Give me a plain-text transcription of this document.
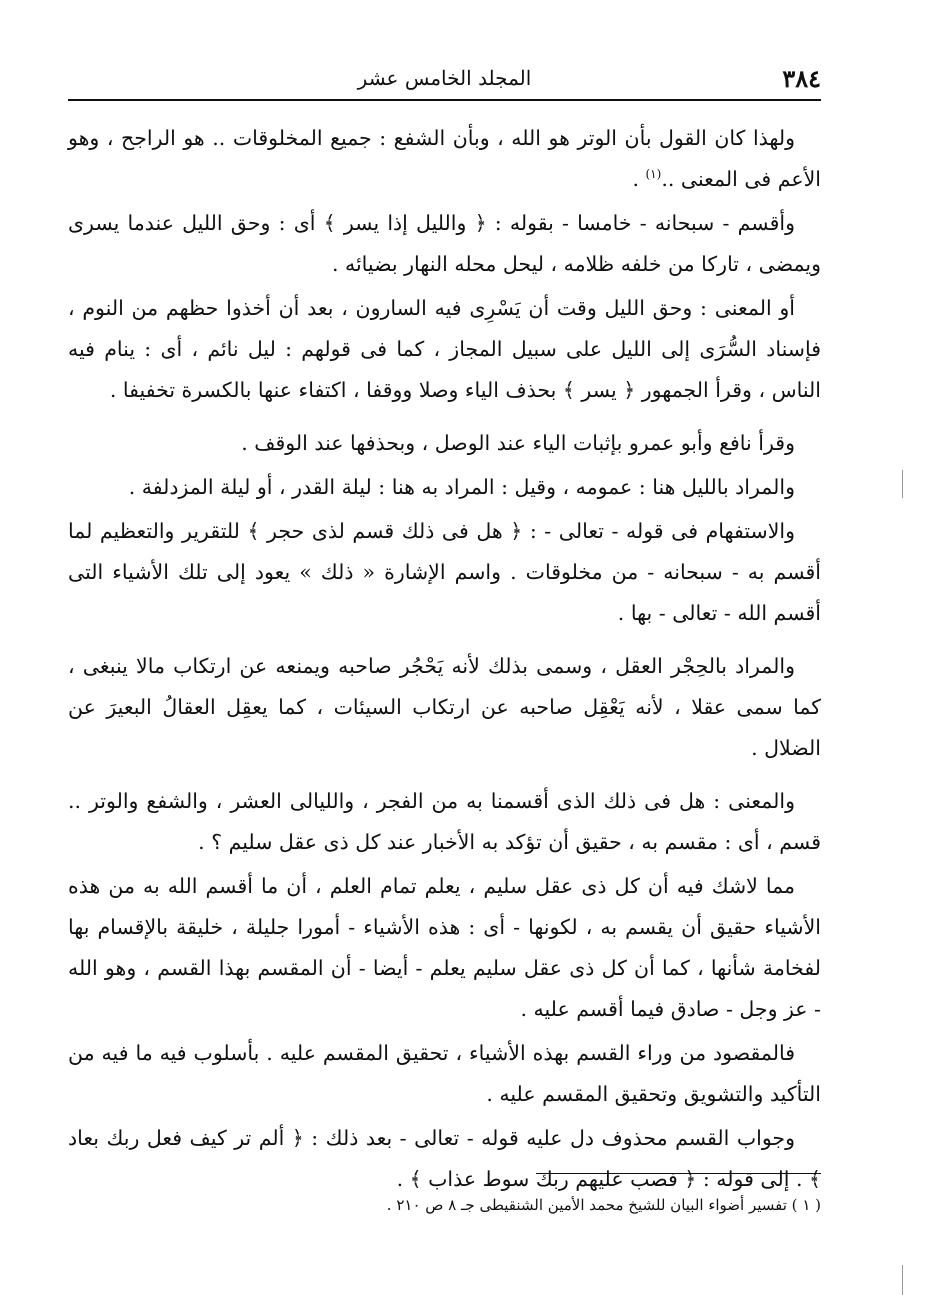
٣٨٤
المجلد الخامس عشر

ولهذا كان القول بأن الوتر هو الله ، وبأن الشفع : جميع المخلوقات .. هو الراجح ، وهو الأعم فى المعنى ..$^{(١)}$ .

وأقسم - سبحانه - خامسا - بقوله : ﴿ والليل إذا يسر ﴾ أى : وحق الليل عندما يسرى ويمضى ، تاركا من خلفه ظلامه ، ليحل محله النهار بضيائه .

أو المعنى : وحق الليل وقت أن يَسْرِى فيه السارون ، بعد أن أخذوا حظهم من النوم ، فإسناد السُّرَى إلى الليل على سبيل المجاز ، كما فى قولهم : ليل نائم ، أى : ينام فيه الناس ، وقرأ الجمهور ﴿ يسر ﴾ بحذف الياء وصلا ووقفا ، اكتفاء عنها بالكسرة تخفيفا .

وقرأ نافع وأبو عمرو بإثبات الياء عند الوصل ، وبحذفها عند الوقف .

والمراد بالليل هنا : عمومه ، وقيل : المراد به هنا : ليلة القدر ، أو ليلة المزدلفة .

والاستفهام فى قوله - تعالى - : ﴿ هل فى ذلك قسم لذى حجر ﴾ للتقرير والتعظيم لما أقسم به - سبحانه - من مخلوقات . واسم الإشارة « ذلك » يعود إلى تلك الأشياء التى أقسم الله - تعالى - بها .

والمراد بالحِجْر العقل ، وسمى بذلك لأنه يَحْجُر صاحبه ويمنعه عن ارتكاب مالا ينبغى ، كما سمى عقلا ، لأنه يَعْقِل صاحبه عن ارتكاب السيئات ، كما يعقِل العقالُ البعيرَ عن الضلال .

والمعنى : هل فى ذلك الذى أقسمنا به من الفجر ، والليالى العشر ، والشفع والوتر .. قسم ، أى : مقسم به ، حقيق أن تؤكد به الأخبار عند كل ذى عقل سليم ؟ .

مما لاشك فيه أن كل ذى عقل سليم ، يعلم تمام العلم ، أن ما أقسم الله به من هذه الأشياء حقيق أن يقسم به ، لكونها - أى : هذه الأشياء - أمورا جليلة ، خليقة بالإقسام بها لفخامة شأنها ، كما أن كل ذى عقل سليم يعلم - أيضا - أن المقسم بهذا القسم ، وهو الله - عز وجل - صادق فيما أقسم عليه .

فالمقصود من وراء القسم بهذه الأشياء ، تحقيق المقسم عليه . بأسلوب فيه ما فيه من التأكيد والتشويق وتحقيق المقسم عليه .

وجواب القسم محذوف دل عليه قوله - تعالى - بعد ذلك : ﴿ ألم تر كيف فعل ربك بعاد ﴾ . إلى قوله : ﴿ فصب عليهم ربك سوط عذاب ﴾ .

( ١ ) تفسير أضواء البيان للشيخ محمد الأمين الشنقيطى جـ ٨ ص ٢١٠ .
